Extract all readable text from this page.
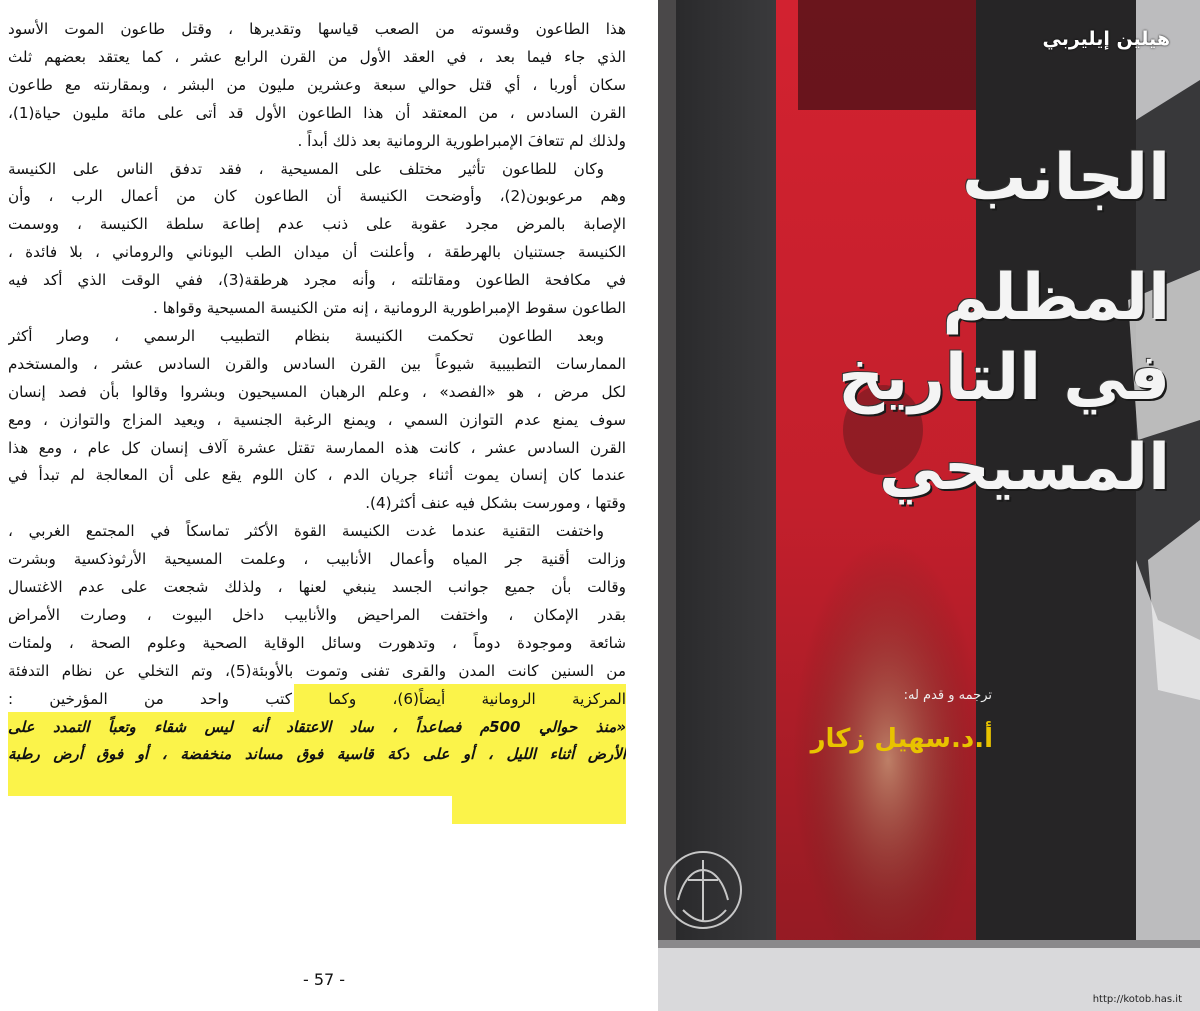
هذا الطاعون وقسوته من الصعب قياسها وتقديرها ، وقتل طاعون الموت الأسود
الذي جاء فيما بعد ، في العقد الأول من القرن الرابع عشر ، كما يعتقد بعضهم ثلث
سكان أوربا ، أي قتل حوالي سبعة وعشرين مليون من البشر ، وبمقارنته مع طاعون
القرن السادس ، من المعتقد أن هذا الطاعون الأول قد أتى على مائة مليون حياة(1)،
ولذلك لم تتعافَ الإمبراطورية الرومانية بعد ذلك أبداً .
وكان للطاعون تأثير مختلف على المسيحية ، فقد تدفق الناس على الكنيسة
وهم مرعوبون(2)، وأوضحت الكنيسة أن الطاعون كان من أعمال الرب ، وأن
الإصابة بالمرض مجرد عقوبة على ذنب عدم إطاعة سلطة الكنيسة ، ووسمت
الكنيسة جستنيان بالهرطقة ، وأعلنت أن ميدان الطب اليوناني والروماني ، بلا فائدة ،
في مكافحة الطاعون ومقاتلته ، وأنه مجرد هرطقة(3)، ففي الوقت الذي أكد فيه
الطاعون سقوط الإمبراطورية الرومانية ، إنه متن الكنيسة المسيحية وقواها .
وبعد الطاعون تحكمت الكنيسة بنظام التطبيب الرسمي ، وصار أكثر
الممارسات التطبيبية شيوعاً بين القرن السادس والقرن السادس عشر ، والمستخدم
لكل مرض ، هو «الفصد» ، وعلم الرهبان المسيحيون وبشروا وقالوا بأن فصد إنسان
سوف يمنع عدم التوازن السمي ، ويمنع الرغبة الجنسية ، ويعيد المزاج والتوازن ، ومع
القرن السادس عشر ، كانت هذه الممارسة تقتل عشرة آلاف إنسان كل عام ، ومع هذا
عندما كان إنسان يموت أثناء جريان الدم ، كان اللوم يقع على أن المعالجة لم تبدأ في
وقتها ، ومورست بشكل فيه عنف أكثر(4).
واختفت التقنية عندما غدت الكنيسة القوة الأكثر تماسكاً في المجتمع الغربي ،
وزالت أقنية جر المياه وأعمال الأنابيب ، وعلمت المسيحية الأرثوذكسية وبشرت
وقالت بأن جميع جوانب الجسد ينبغي لعنها ، ولذلك شجعت على عدم الاغتسال
بقدر الإمكان ، واختفت المراحيض والأنابيب داخل البيوت ، وصارت الأمراض
شائعة وموجودة دوماً ، وتدهورت وسائل الوقاية الصحية وعلوم الصحة ، ولمئات
من السنين كانت المدن والقرى تفنى وتموت بالأوبئة(5)، وتم التخلي عن نظام التدفئة
المركزية الرومانية أيضاً(6)، وكما كتب واحد من المؤرخين :
«منذ حوالي 500م فصاعداً ، ساد الاعتقاد أنه ليس شقاء وتعباً التمدد على
الأرض أثناء الليل ، أو على دكة قاسية فوق مساند منخفضة ، أو فوق أرض رطبة
- 57 -
هيلين إيليربي
الجانب
المظلم
في التاريخ
المسيحي
ترجمه و قدم له:
أ.د.سهيل زكار
http://kotob.has.it
